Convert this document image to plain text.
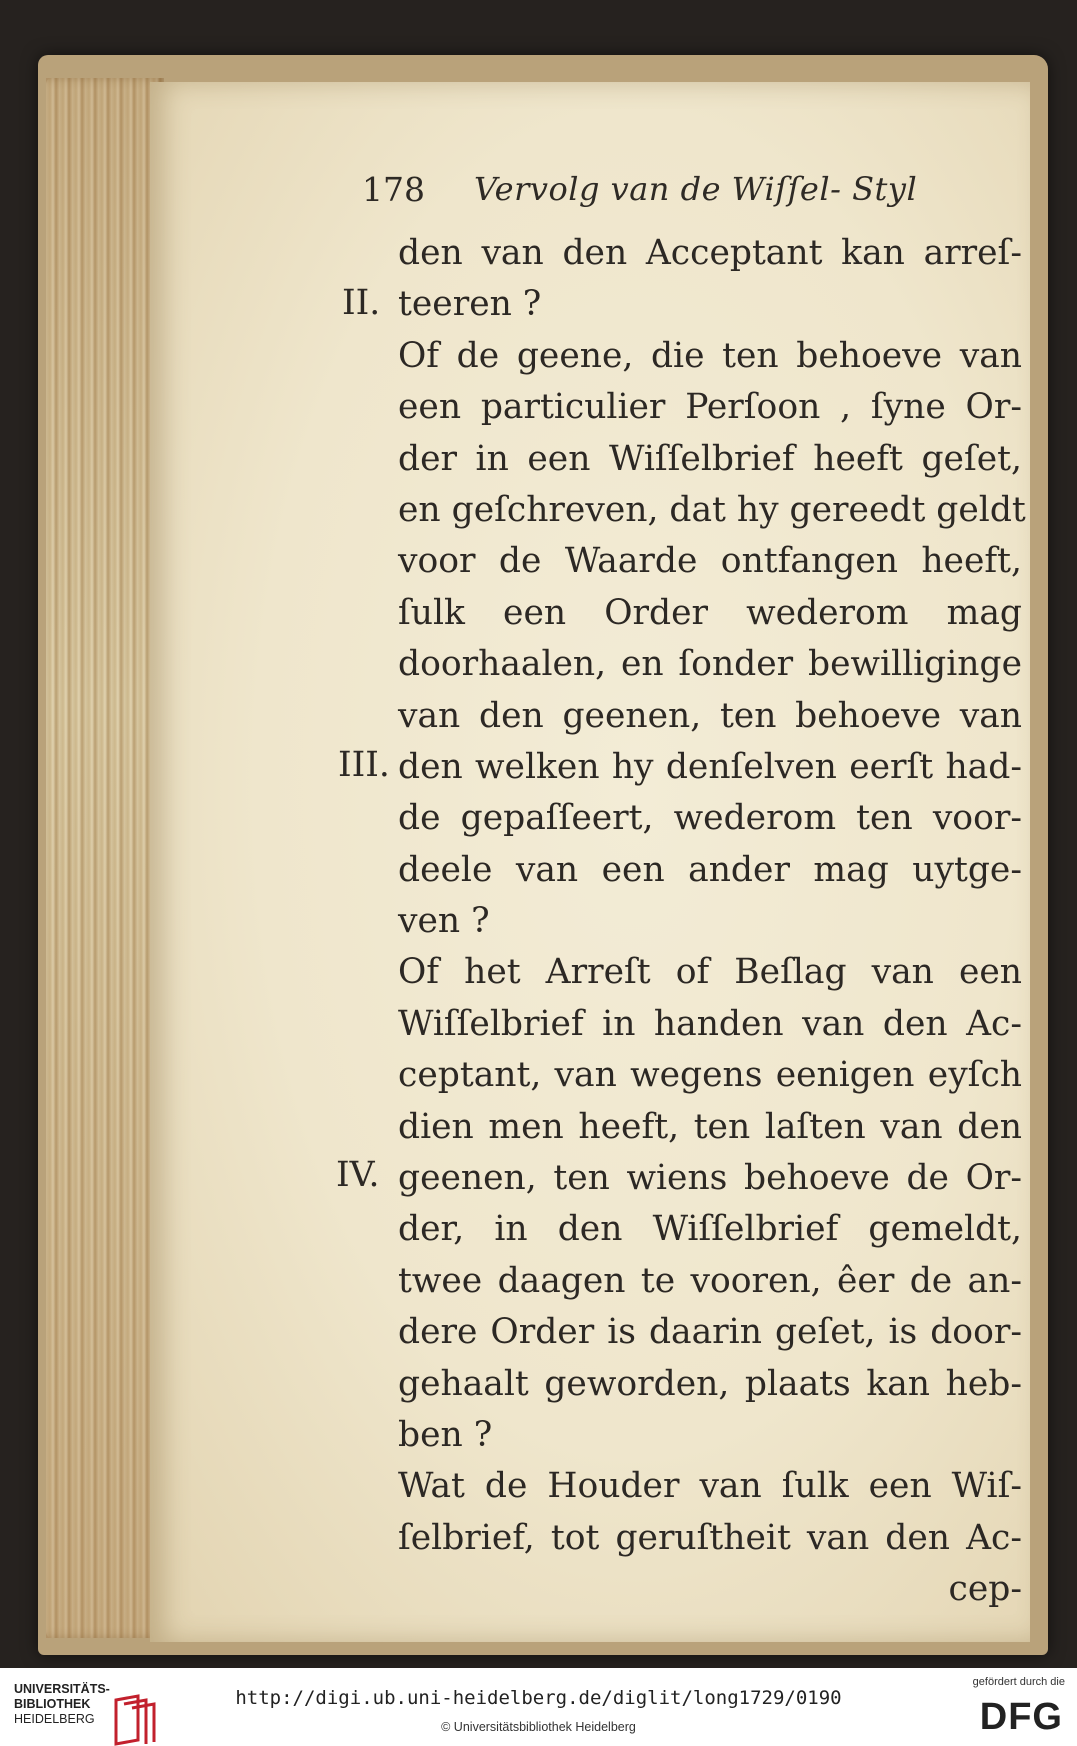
178 Vervolg van de Wiſſel- Styl
II.
III.
IV.
den van den Acceptant kan arreſ-
teeren ?
Of de geene, die ten behoeve van
een particulier Perſoon , ſyne Or-
der in een Wiſſelbrief heeft geſet,
en geſchreven, dat hy gereedt geldt
voor de Waarde ontfangen heeft,
ſulk een Order wederom mag
doorhaalen, en ſonder bewilliginge
van den geenen, ten behoeve van
den welken hy denſelven eerſt had-
de gepaſſeert, wederom ten voor-
deele van een ander mag uytge-
ven ?
Of het Arreſt of Beſlag van een
Wiſſelbrief in handen van den Ac-
ceptant, van wegens eenigen eyſch
dien men heeft, ten laſten van den
geenen, ten wiens behoeve de Or-
der, in den Wiſſelbrief gemeldt,
twee daagen te vooren, êer de an-
dere Order is daarin geſet, is door-
gehaalt geworden, plaats kan heb-
ben ?
Wat de Houder van ſulk een Wiſ-
ſelbrief, tot geruſtheit van den Ac-
cep-
UNIVERSITÄTS-
BIBLIOTHEK
HEIDELBERG
http://digi.ub.uni-heidelberg.de/diglit/long1729/0190
© Universitätsbibliothek Heidelberg
gefördert durch die
DFG
